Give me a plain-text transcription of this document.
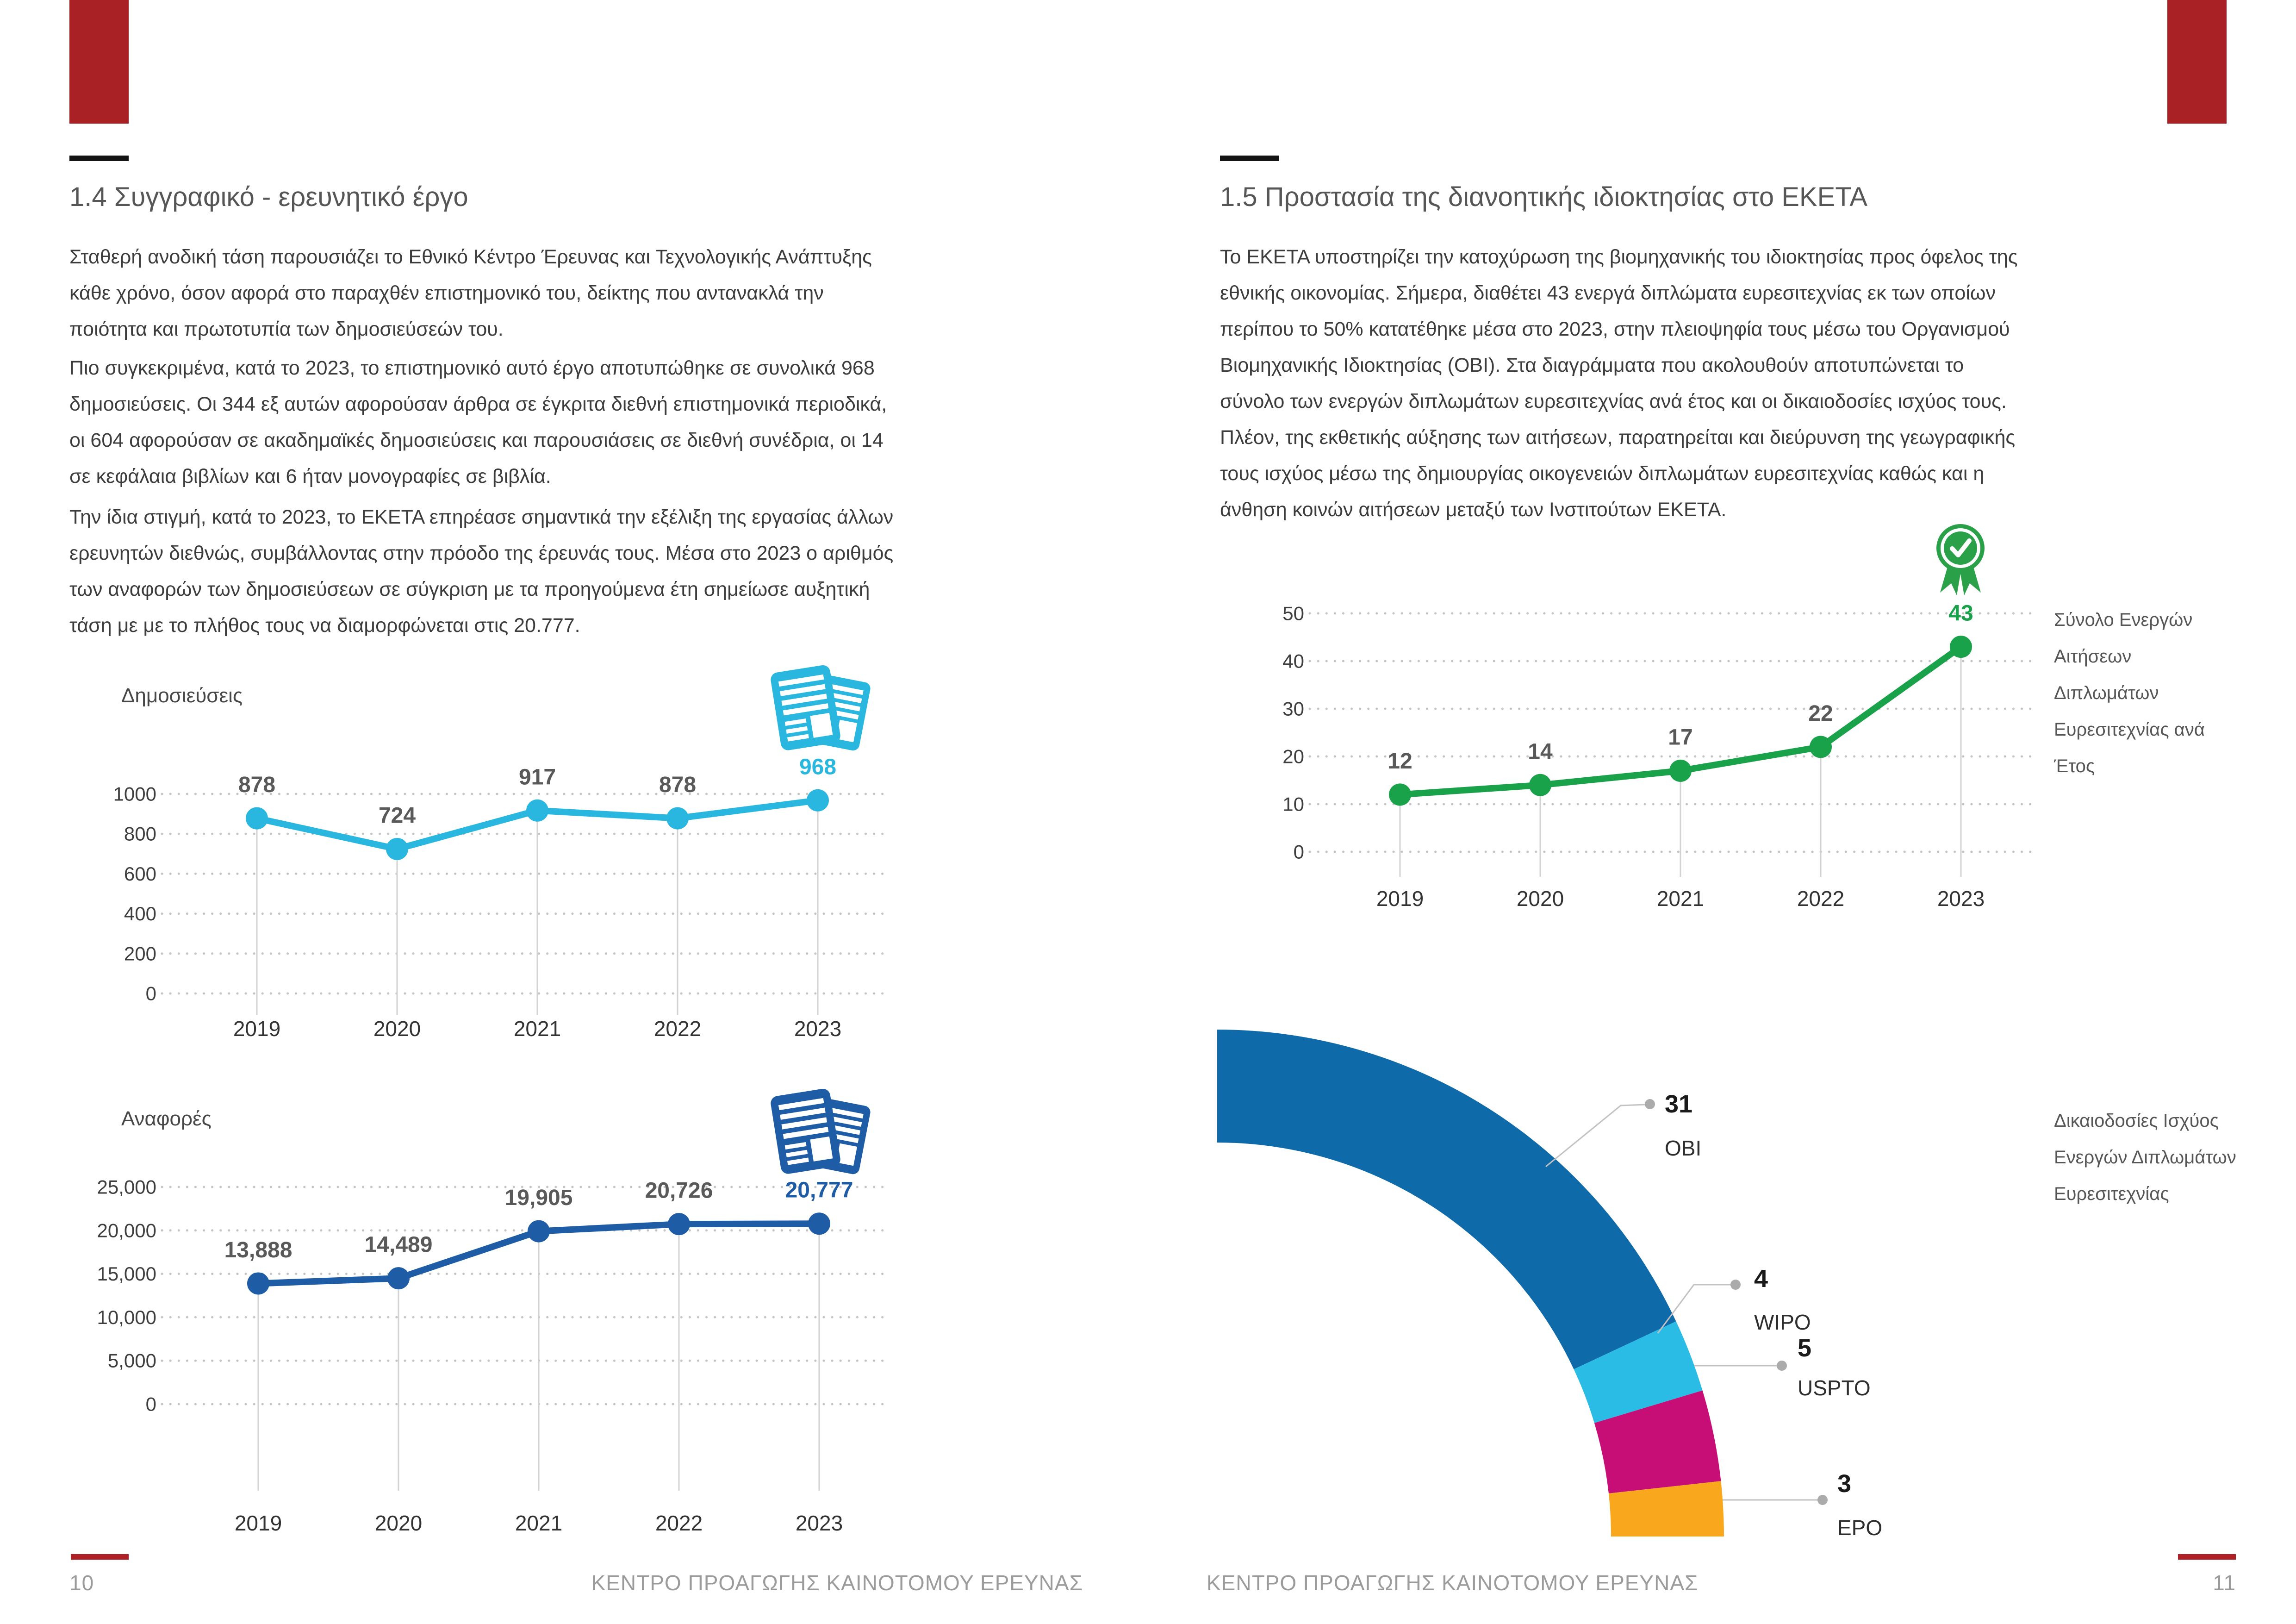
1.4 Συγγραφικό - ερευνητικό έργο
Σταθερή ανοδική τάση παρουσιάζει το Εθνικό Κέντρο Έρευνας και Τεχνολογικής Ανάπτυξης κάθε χρόνο, όσον αφορά στο παραχθέν επιστημονικό του, δείκτης που αντανακλά την ποιότητα και πρωτοτυπία των δημοσιεύσεών του.
Πιο συγκεκριμένα, κατά το 2023, το επιστημονικό αυτό έργο αποτυπώθηκε σε συνολικά 968 δημοσιεύσεις. Οι 344 εξ αυτών αφορούσαν άρθρα σε έγκριτα διεθνή επιστημονικά περιοδικά, οι 604 αφορούσαν σε ακαδημαϊκές δημοσιεύσεις και παρουσιάσεις σε διεθνή συνέδρια, οι 14 σε κεφάλαια βιβλίων και 6 ήταν μονογραφίες σε βιβλία.
Την ίδια στιγμή, κατά το 2023, το ΕΚΕΤΑ επηρέασε σημαντικά την εξέλιξη της εργασίας άλλων ερευνητών διεθνώς, συμβάλλοντας στην πρόοδο της έρευνάς τους. Μέσα στο 2023 ο αριθμός των αναφορών των δημοσιεύσεων σε σύγκριση με τα προηγούμενα έτη σημείωσε αυξητική τάση με με το πλήθος τους να διαμορφώνεται στις 20.777.
Δημοσιεύσεις
0
200
400
600
800
1000	878
2019
724
2020
917
2021
878
2022
968
2023
Αναφορές
0
5,000
10,000
15,000
20,000
25,000
13,888
2019
14,489
2020
19,905
2021
20,726
2022
20,777
2023
1.5 Προστασία της διανοητικής ιδιοκτησίας στο ΕΚΕΤΑ
Το ΕΚΕΤΑ υποστηρίζει την κατοχύρωση της βιομηχανικής του ιδιοκτησίας προς όφελος της εθνικής οικονομίας. Σήμερα, διαθέτει 43 ενεργά διπλώματα ευρεσιτεχνίας εκ των οποίων περίπου το 50% κατατέθηκε μέσα στο 2023, στην πλειοψηφία τους μέσω του Οργανισμού Βιομηχανικής Ιδιοκτησίας (ΟΒΙ). Στα διαγράμματα που ακολουθούν αποτυπώνεται το σύνολο των ενεργών διπλωμάτων ευρεσιτεχνίας ανά έτος και οι δικαιοδοσίες ισχύος τους. Πλέον, της εκθετικής αύξησης των αιτήσεων, παρατηρείται και διεύρυνση της γεωγραφικής τους ισχύος μέσω της δημιουργίας οικογενειών διπλωμάτων ευρεσιτεχνίας καθώς και η άνθηση κοινών αιτήσεων μεταξύ των Ινστιτούτων ΕΚΕΤΑ.
0
10
20
30
40
50
12
2019
14
2020
17
2021
22
2022
43
2023
Σύνολο Ενεργών
Αιτήσεων
Διπλωμάτων
Ευρεσιτεχνίας ανά
Έτος
31
OBI
4
WIPO
5
USPTO
3
EPO
Δικαιοδοσίες Ισχύος
Ενεργών Διπλωμάτων
Ευρεσιτεχνίας
10	ΚΕΝΤΡΟ ΠΡΟΑΓΩΓΗΣ ΚΑΙΝΟΤΟΜΟΥ ΕΡΕΥΝΑΣ	ΚΕΝΤΡΟ ΠΡΟΑΓΩΓΗΣ ΚΑΙΝΟΤΟΜΟΥ ΕΡΕΥΝΑΣ	11
